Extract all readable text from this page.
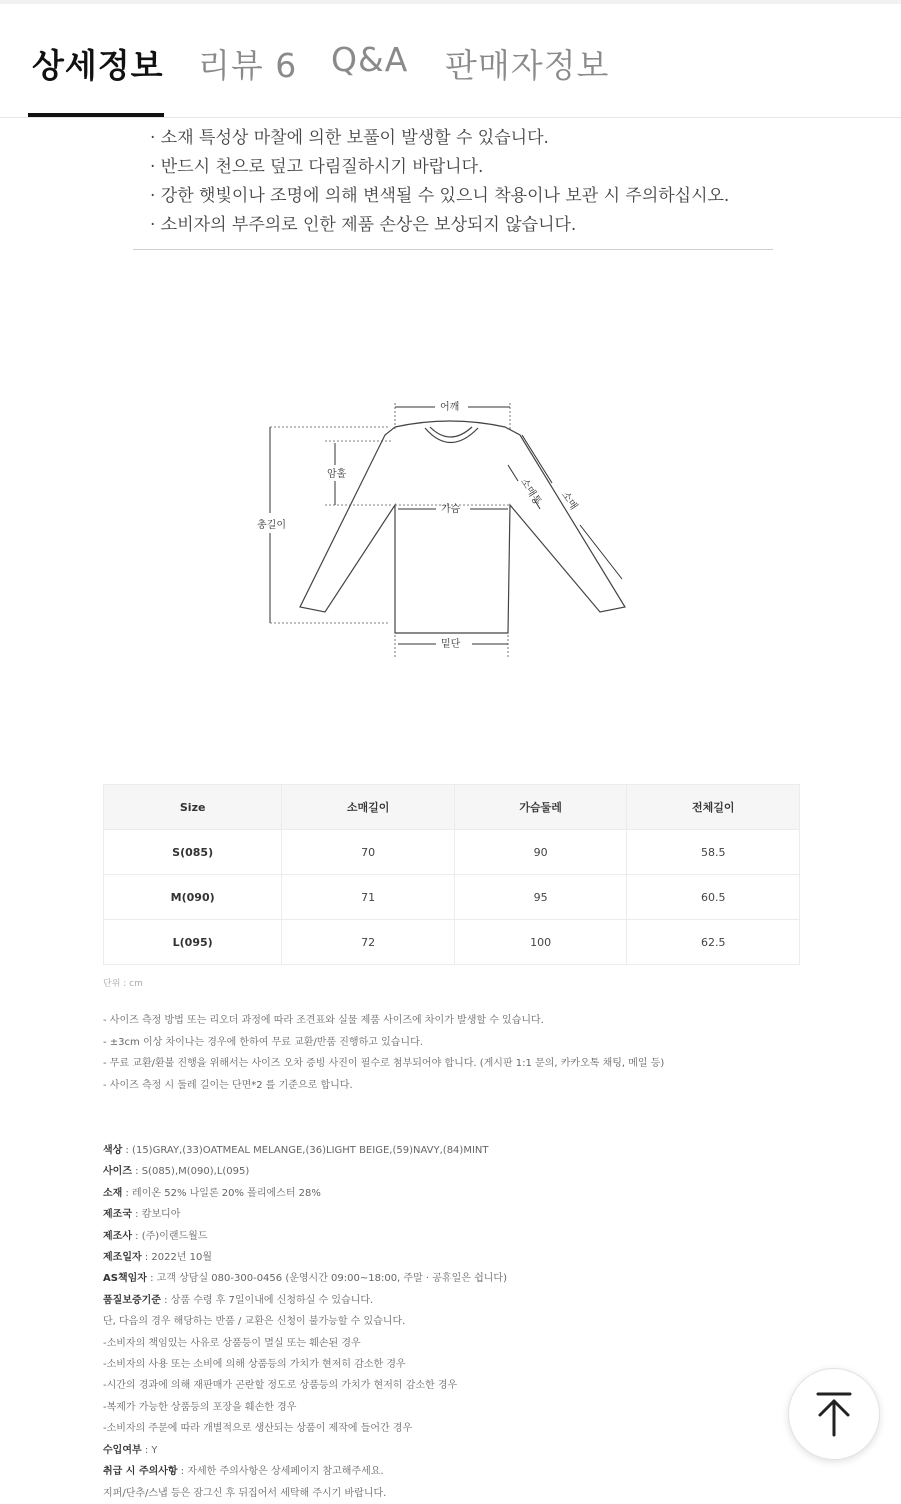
상세정보 리뷰 6 Q&A 판매자정보
· 소재 특성상 마찰에 의한 보풀이 발생할 수 있습니다.
· 반드시 천으로 덮고 다림질하시기 바랍니다.
· 강한 햇빛이나 조명에 의해 변색될 수 있으니 착용이나 보관 시 주의하십시오.
· 소비자의 부주의로 인한 제품 손상은 보상되지 않습니다.
어깨
암홀
가슴
총길이
밑단
소매통 소매
Size	소매길이	가슴둘레	전체길이
S(085)	70	90	58.5
M(090)	71	95	60.5
L(095)	72	100	62.5
단위 : cm
- 사이즈 측정 방법 또는 리오더 과정에 따라 조견표와 실물 제품 사이즈에 차이가 발생할 수 있습니다.
- ±3cm 이상 차이나는 경우에 한하여 무료 교환/반품 진행하고 있습니다.
- 무료 교환/환불 진행을 위해서는 사이즈 오차 증빙 사진이 필수로 첨부되어야 합니다. (게시판 1:1 문의, 카카오톡 채팅, 메일 등)
- 사이즈 측정 시 둘레 길이는 단면*2 를 기준으로 합니다.
색상 : (15)GRAY,(33)OATMEAL MELANGE,(36)LIGHT BEIGE,(59)NAVY,(84)MINT
사이즈 : S(085),M(090),L(095)
소재 : 레이온 52% 나일론 20% 폴리에스터 28%
제조국 : 캄보디아
제조사 : (주)이랜드월드
제조일자 : 2022년 10월
AS책임자 : 고객 상담실 080-300-0456 (운영시간 09:00~18:00, 주말 · 공휴일은 쉽니다)
품질보증기준 : 상품 수령 후 7일이내에 신청하실 수 있습니다.
단, 다음의 경우 해당하는 반품 / 교환은 신청이 불가능할 수 있습니다.
-소비자의 책임있는 사유로 상품등이 멸실 또는 훼손된 경우
-소비자의 사용 또는 소비에 의해 상품등의 가치가 현저히 감소한 경우
-시간의 경과에 의해 재판매가 곤란할 정도로 상품등의 가치가 현저히 감소한 경우
-복제가 가능한 상품등의 포장을 훼손한 경우
-소비자의 주문에 따라 개별적으로 생산되는 상품이 제작에 들어간 경우
수입여부 : Y
취급 시 주의사항 : 자세한 주의사항은 상세페이지 참고해주세요.
지퍼/단추/스냅 등은 잠그신 후 뒤집어서 세탁해 주시기 바랍니다.
